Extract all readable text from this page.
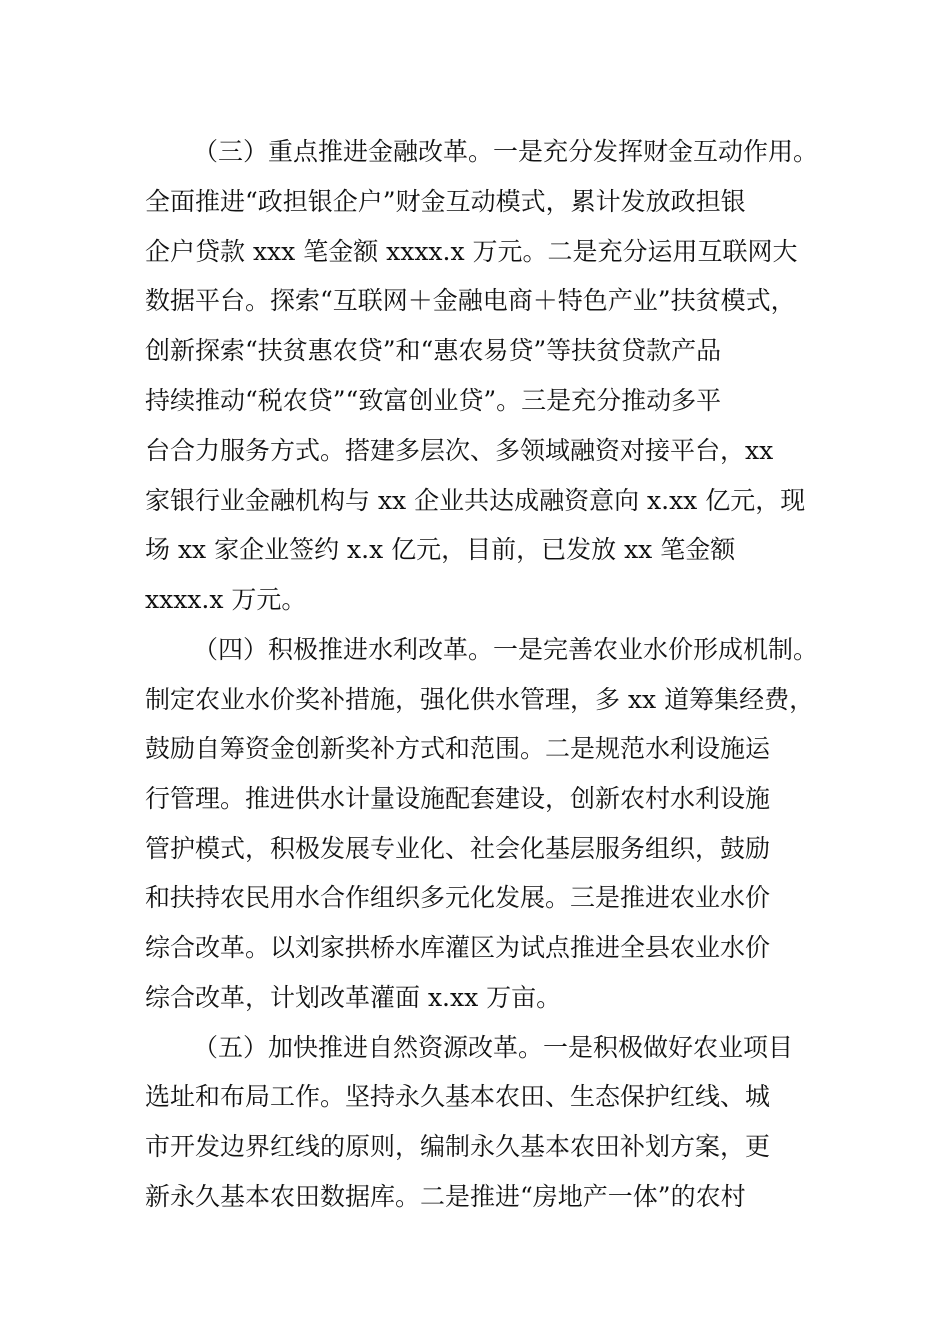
（三）重点推进金融改革。一是充分发挥财金互动作用。
全面推进“政担银企户”财金互动模式，累计发放政担银
企户贷款 xxx 笔金额 xxxx.x 万元。二是充分运用互联网大
数据平台。探索“互联网＋金融电商＋特色产业”扶贫模式，
创新探索“扶贫惠农贷”和“惠农易贷”等扶贫贷款产品
持续推动“税农贷”“致富创业贷”。三是充分推动多平
台合力服务方式。搭建多层次、多领域融资对接平台，xx
家银行业金融机构与 xx 企业共达成融资意向 x.xx 亿元，现
场 xx 家企业签约 x.x 亿元，目前，已发放 xx 笔金额
xxxx.x 万元。
（四）积极推进水利改革。一是完善农业水价形成机制。
制定农业水价奖补措施，强化供水管理，多 xx 道筹集经费，
鼓励自筹资金创新奖补方式和范围。二是规范水利设施运
行管理。推进供水计量设施配套建设，创新农村水利设施
管护模式，积极发展专业化、社会化基层服务组织，鼓励
和扶持农民用水合作组织多元化发展。三是推进农业水价
综合改革。以刘家拱桥水库灌区为试点推进全县农业水价
综合改革，计划改革灌面 x.xx 万亩。
（五）加快推进自然资源改革。一是积极做好农业项目
选址和布局工作。坚持永久基本农田、生态保护红线、城
市开发边界红线的原则，编制永久基本农田补划方案，更
新永久基本农田数据库。二是推进“房地产一体”的农村
